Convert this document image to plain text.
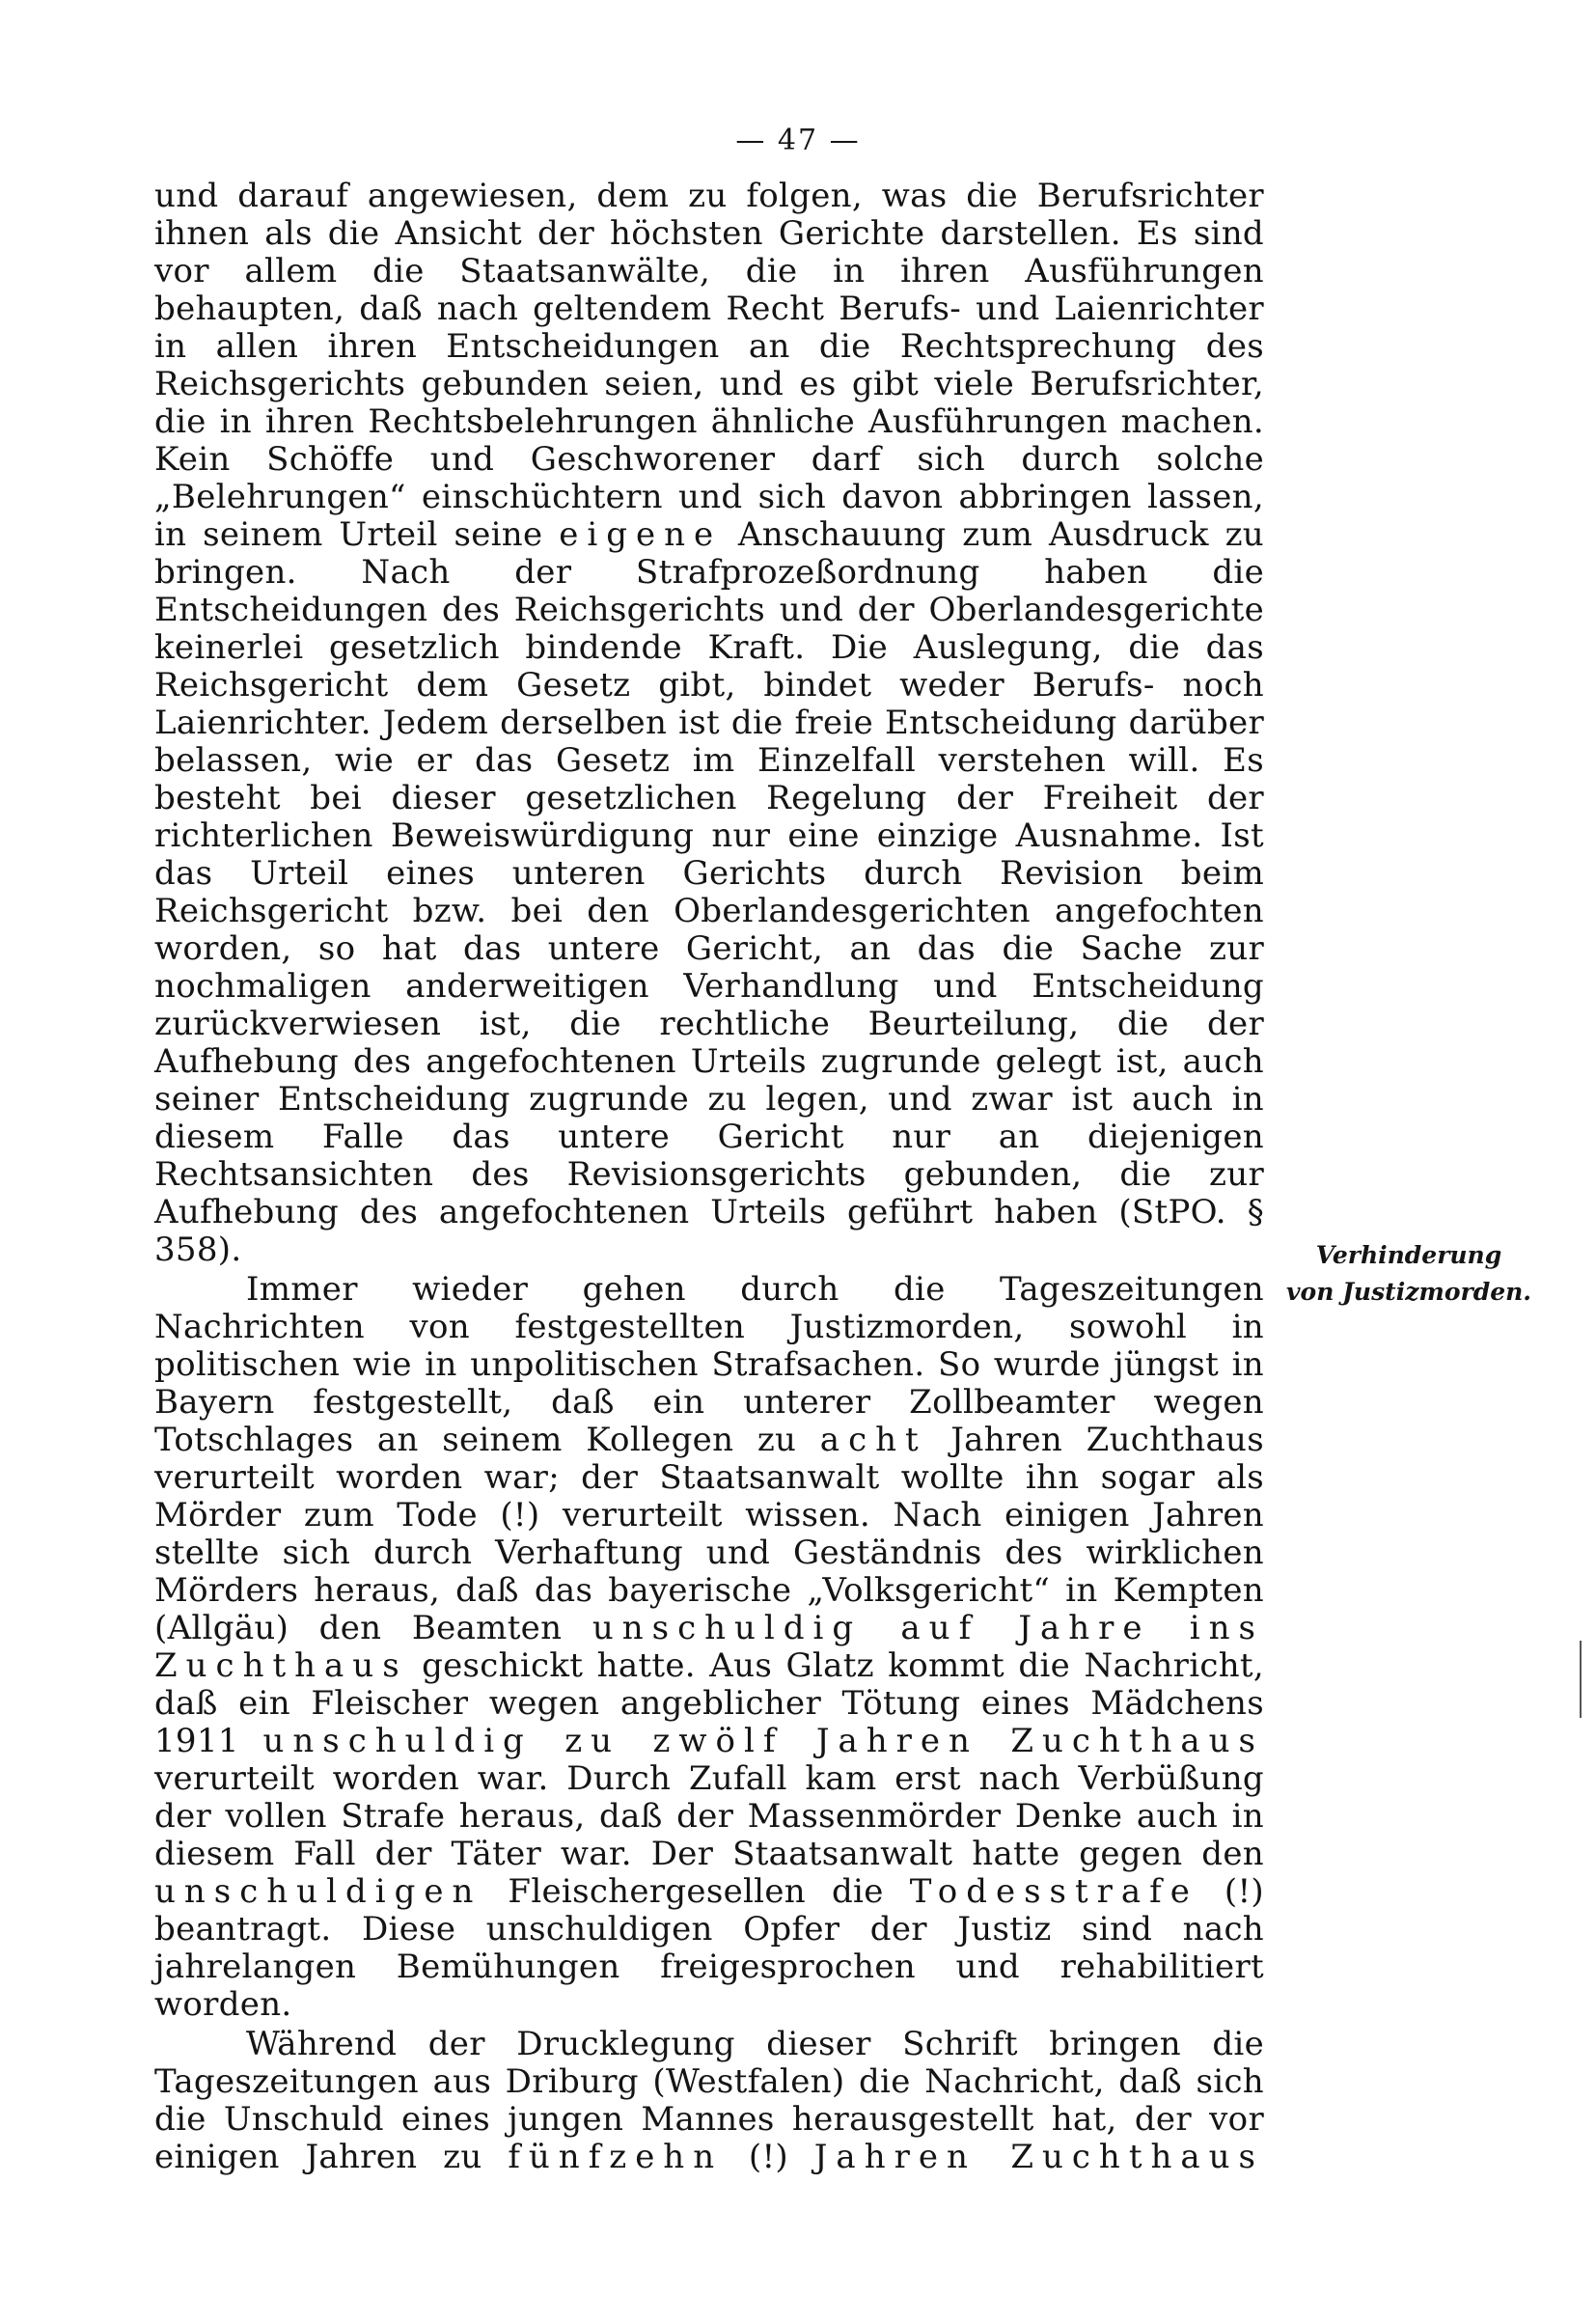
— 47 —

und darauf angewiesen, dem zu folgen, was die Berufsrichter ihnen als die Ansicht der höchsten Gerichte darstellen. Es sind vor allem die Staatsanwälte, die in ihren Ausführungen behaupten, daß nach geltendem Recht Berufs- und Laienrichter in allen ihren Entscheidungen an die Rechtsprechung des Reichsgerichts gebunden seien, und es gibt viele Berufsrichter, die in ihren Rechtsbelehrungen ähnliche Ausführungen machen. Kein Schöffe und Geschworener darf sich durch solche „Belehrungen“ einschüchtern und sich davon abbringen lassen, in seinem Urteil seine eigene Anschauung zum Ausdruck zu bringen. Nach der Strafprozeßordnung haben die Entscheidungen des Reichsgerichts und der Oberlandesgerichte keinerlei gesetzlich bindende Kraft. Die Auslegung, die das Reichsgericht dem Gesetz gibt, bindet weder Berufs- noch Laienrichter. Jedem derselben ist die freie Entscheidung darüber belassen, wie er das Gesetz im Einzelfall verstehen will. Es besteht bei dieser gesetzlichen Regelung der Freiheit der richterlichen Beweiswürdigung nur eine einzige Ausnahme. Ist das Urteil eines unteren Gerichts durch Revision beim Reichsgericht bzw. bei den Oberlandesgerichten angefochten worden, so hat das untere Gericht, an das die Sache zur nochmaligen anderweitigen Verhandlung und Entscheidung zurückverwiesen ist, die rechtliche Beurteilung, die der Aufhebung des angefochtenen Urteils zugrunde gelegt ist, auch seiner Entscheidung zugrunde zu legen, und zwar ist auch in diesem Falle das untere Gericht nur an diejenigen Rechtsansichten des Revisionsgerichts gebunden, die zur Aufhebung des angefochtenen Urteils geführt haben (StPO. § 358).

Immer wieder gehen durch die Tageszeitungen Nachrichten von festgestellten Justizmorden, sowohl in politischen wie in unpolitischen Strafsachen. So wurde jüngst in Bayern festgestellt, daß ein unterer Zollbeamter wegen Totschlages an seinem Kollegen zu acht Jahren Zuchthaus verurteilt worden war; der Staatsanwalt wollte ihn sogar als Mörder zum Tode (!) verurteilt wissen. Nach einigen Jahren stellte sich durch Verhaftung und Geständnis des wirklichen Mörders heraus, daß das bayerische „Volksgericht“ in Kempten (Allgäu) den Beamten unschuldig auf Jahre ins Zuchthaus geschickt hatte. Aus Glatz kommt die Nachricht, daß ein Fleischer wegen angeblicher Tötung eines Mädchens 1911 unschuldig zu zwölf Jahren Zuchthaus verurteilt worden war. Durch Zufall kam erst nach Verbüßung der vollen Strafe heraus, daß der Massenmörder Denke auch in diesem Fall der Täter war. Der Staatsanwalt hatte gegen den unschuldigen Fleischergesellen die Todesstrafe (!) beantragt. Diese unschuldigen Opfer der Justiz sind nach jahrelangen Bemühungen freigesprochen und rehabilitiert worden.

Während der Drucklegung dieser Schrift bringen die Tageszeitungen aus Driburg (Westfalen) die Nachricht, daß sich die Unschuld eines jungen Mannes herausgestellt hat, der vor einigen Jahren zu fünfzehn (!) Jahren Zuchthaus

Verhinderung
von Justizmorden.
